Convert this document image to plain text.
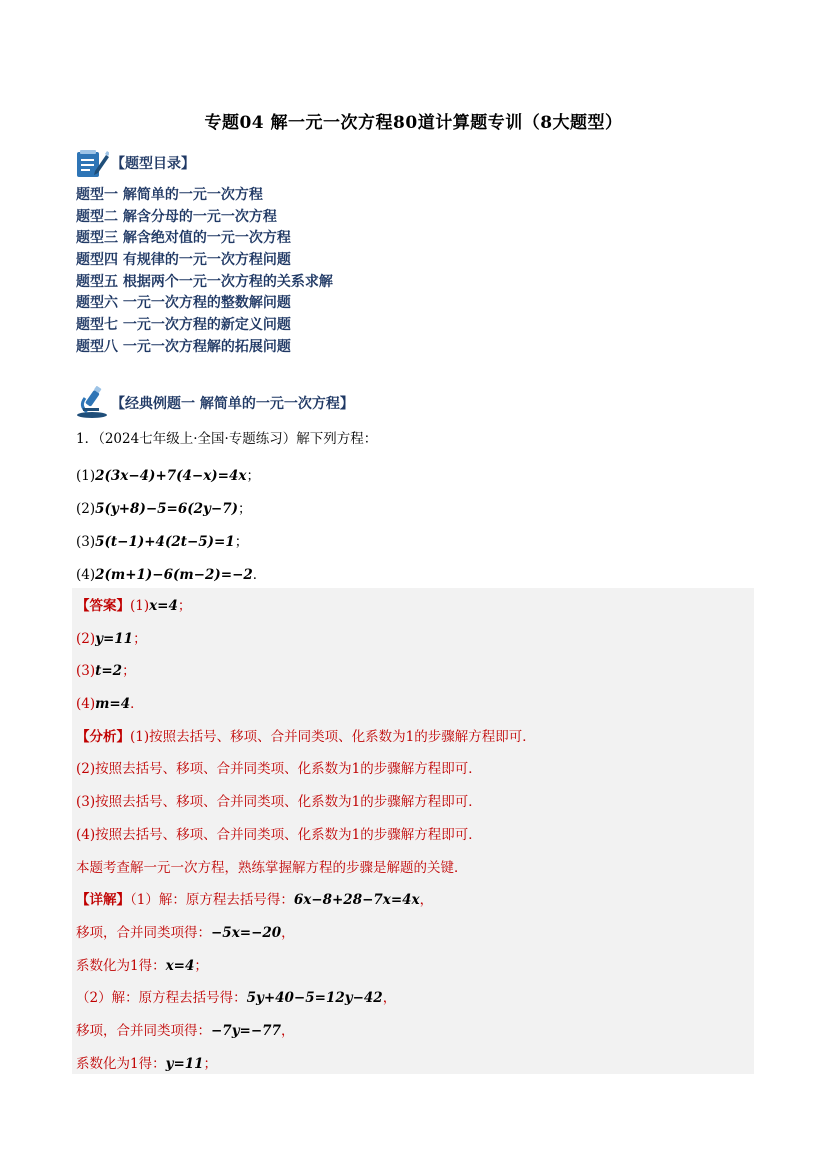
专题04 解一元一次方程80道计算题专训（8大题型）
【题型目录】
题型一 解简单的一元一次方程
题型二 解含分母的一元一次方程
题型三 解含绝对值的一元一次方程
题型四 有规律的一元一次方程问题
题型五 根据两个一元一次方程的关系求解
题型六 一元一次方程的整数解问题
题型七 一元一次方程的新定义问题
题型八 一元一次方程解的拓展问题
【经典例题一 解简单的一元一次方程】
1．（2024七年级上·全国·专题练习）解下列方程：
(1)2(3x−4)+7(4−x)=4x；
(2)5(y+8)−5=6(2y−7)；
(3)5(t−1)+4(2t−5)=1；
(4)2(m+1)−6(m−2)=−2．
【答案】(1)x=4；
(2)y=11；
(3)t=2；
(4)m=4．
【分析】(1)按照去括号、移项、合并同类项、化系数为1的步骤解方程即可．
(2)按照去括号、移项、合并同类项、化系数为1的步骤解方程即可．
(3)按照去括号、移项、合并同类项、化系数为1的步骤解方程即可．
(4)按照去括号、移项、合并同类项、化系数为1的步骤解方程即可．
本题考查解一元一次方程，熟练掌握解方程的步骤是解题的关键．
【详解】（1）解：原方程去括号得：6x−8+28−7x=4x，
移项，合并同类项得：−5x=−20，
系数化为1得：x=4；
（2）解：原方程去括号得：5y+40−5=12y−42，
移项，合并同类项得：−7y=−77，
系数化为1得：y=11；
